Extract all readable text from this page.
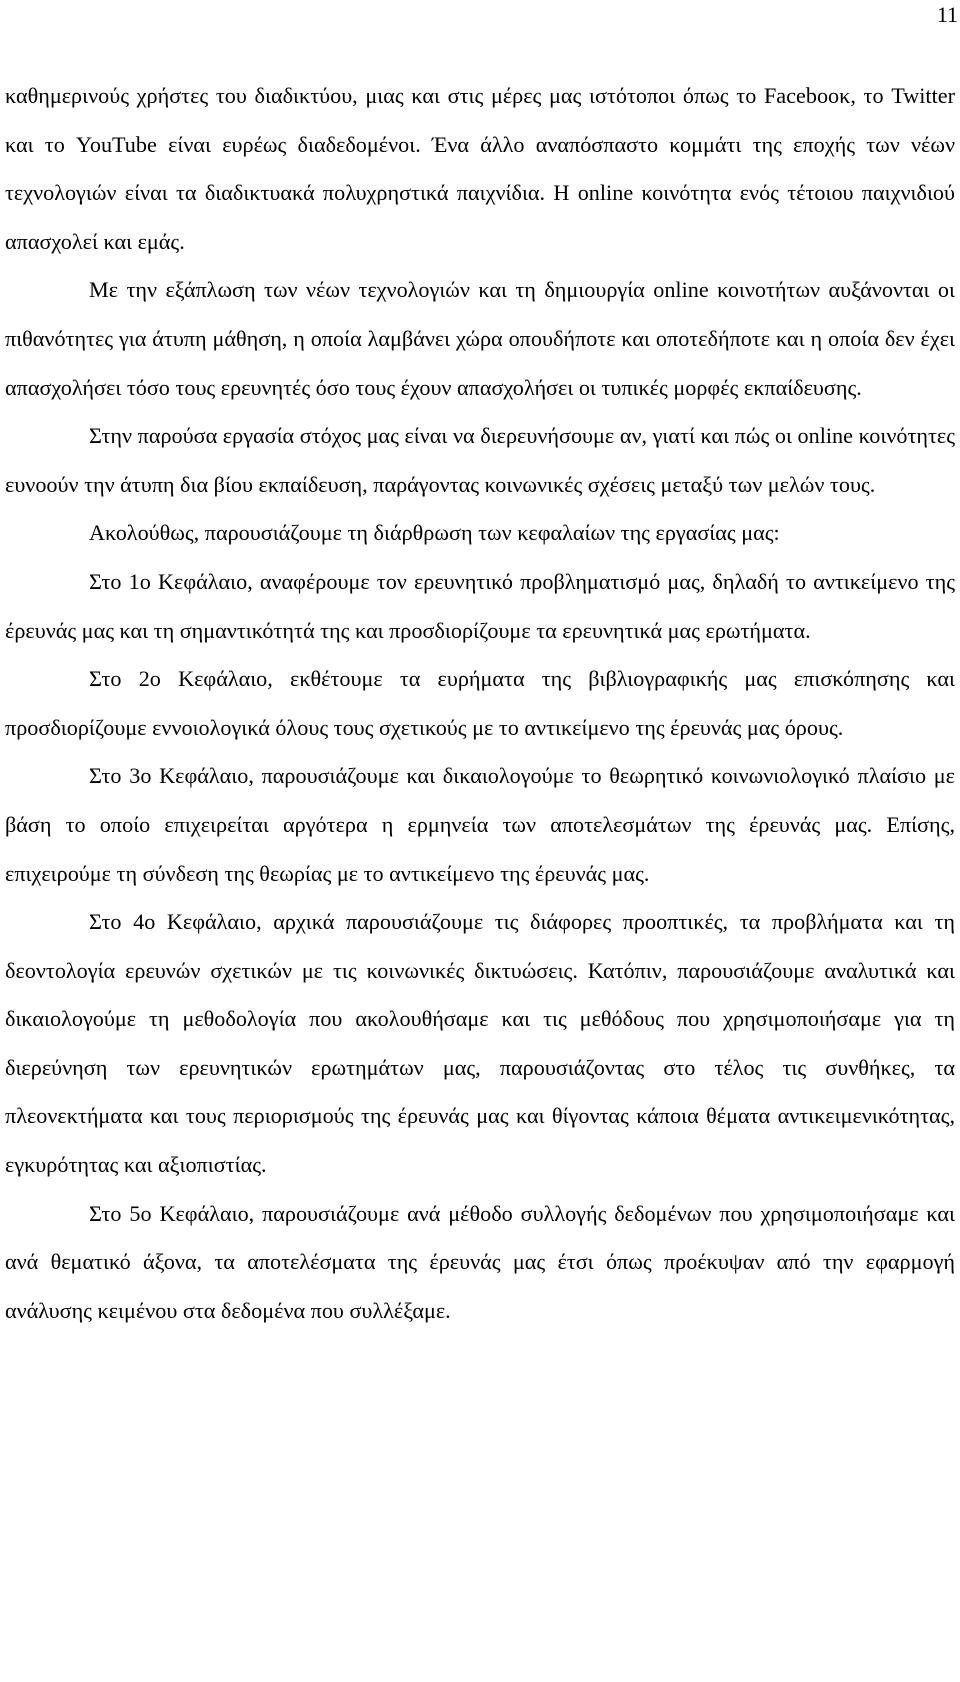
11

καθημερινούς χρήστες του διαδικτύου, μιας και στις μέρες μας ιστότοποι όπως το Facebooκ, το Twitter και το YouTube είναι ευρέως διαδεδομένοι. Ένα άλλο αναπόσπαστο κομμάτι της εποχής των νέων τεχνολογιών είναι τα διαδικτυακά πολυχρηστικά παιχνίδια. Η online κοινότητα ενός τέτοιου παιχνιδιού απασχολεί και εμάς.

Με την εξάπλωση των νέων τεχνολογιών και τη δημιουργία online κοινοτήτων αυξάνονται οι πιθανότητες για άτυπη μάθηση, η οποία λαμβάνει χώρα οπουδήποτε και οποτεδήποτε και η οποία δεν έχει απασχολήσει τόσο τους ερευνητές όσο τους έχουν απασχολήσει οι τυπικές μορφές εκπαίδευσης.

Στην παρούσα εργασία στόχος μας είναι να διερευνήσουμε αν, γιατί και πώς οι online κοινότητες ευνοούν την άτυπη δια βίου εκπαίδευση, παράγοντας κοινωνικές σχέσεις μεταξύ των μελών τους.

Ακολούθως, παρουσιάζουμε τη διάρθρωση των κεφαλαίων της εργασίας μας:

Στο 1ο Κεφάλαιο, αναφέρουμε τον ερευνητικό προβληματισμό μας, δηλαδή το αντικείμενο της έρευνάς μας και τη σημαντικότητά της και προσδιορίζουμε τα ερευνητικά μας ερωτήματα.

Στο 2ο Κεφάλαιο, εκθέτουμε τα ευρήματα της βιβλιογραφικής μας επισκόπησης και προσδιορίζουμε εννοιολογικά όλους τους σχετικούς με το αντικείμενο της έρευνάς μας όρους.

Στο 3ο Κεφάλαιο, παρουσιάζουμε και δικαιολογούμε το θεωρητικό κοινωνιολογικό πλαίσιο με βάση το οποίο επιχειρείται αργότερα η ερμηνεία των αποτελεσμάτων της έρευνάς μας. Επίσης, επιχειρούμε τη σύνδεση της θεωρίας με το αντικείμενο της έρευνάς μας.

Στο 4ο Κεφάλαιο, αρχικά παρουσιάζουμε τις διάφορες προοπτικές, τα προβλήματα και τη δεοντολογία ερευνών σχετικών με τις κοινωνικές δικτυώσεις. Κατόπιν, παρουσιάζουμε αναλυτικά και δικαιολογούμε τη μεθοδολογία που ακολουθήσαμε και τις μεθόδους που χρησιμοποιήσαμε για τη διερεύνηση των ερευνητικών ερωτημάτων μας, παρουσιάζοντας στο τέλος τις συνθήκες, τα πλεονεκτήματα και τους περιορισμούς της έρευνάς μας και θίγοντας κάποια θέματα αντικειμενικότητας, εγκυρότητας και αξιοπιστίας.

Στο 5ο Κεφάλαιο, παρουσιάζουμε ανά μέθοδο συλλογής δεδομένων που χρησιμοποιήσαμε και ανά θεματικό άξονα, τα αποτελέσματα της έρευνάς μας έτσι όπως προέκυψαν από την εφαρμογή ανάλυσης κειμένου στα δεδομένα που συλλέξαμε.
